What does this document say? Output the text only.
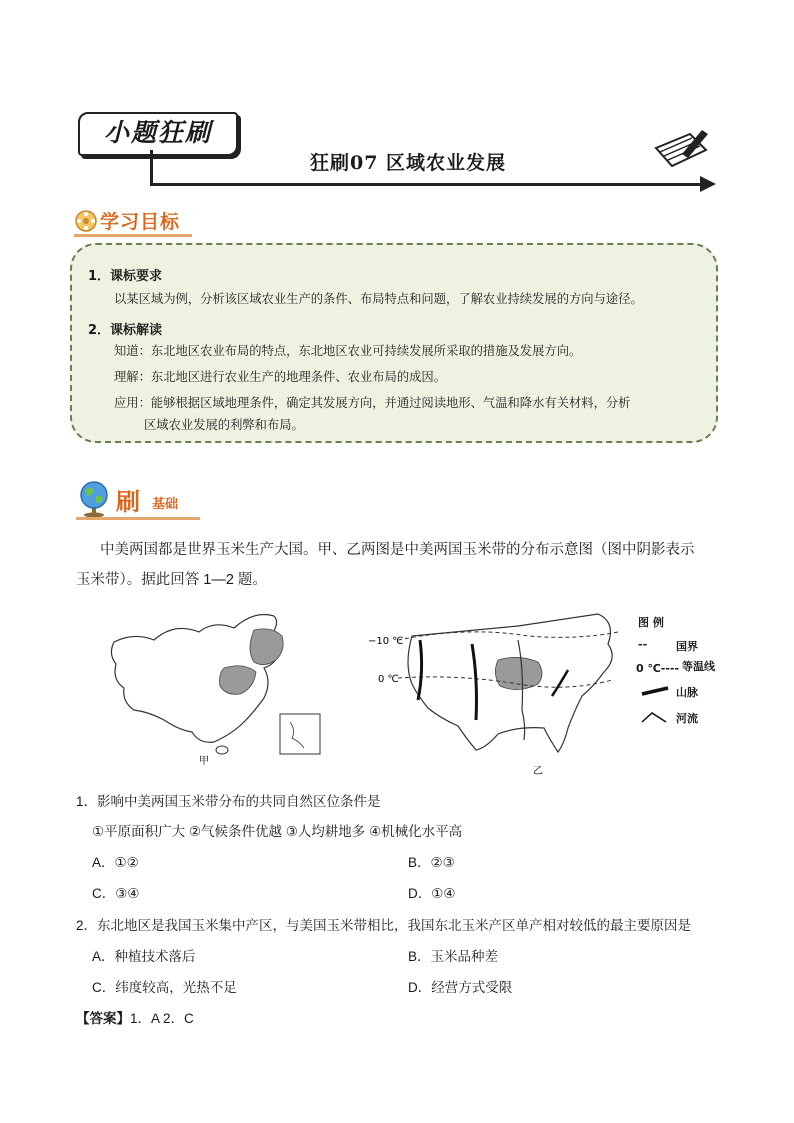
小题狂刷
狂刷07 区域农业发展
学习目标
1．课标要求
以某区域为例，分析该区域农业生产的条件、布局特点和问题，了解农业持续发展的方向与途径。
2．课标解读
知道：东北地区农业布局的特点，东北地区农业可持续发展所采取的措施及发展方向。
理解：东北地区进行农业生产的地理条件、农业布局的成因。
应用：能够根据区域地理条件，确定其发展方向，并通过阅读地形、气温和降水有关材料，分析
区域农业发展的利弊和布局。
刷 基础
中美两国都是世界玉米生产大国。甲、乙两图是中美两国玉米带的分布示意图（图中阴影表示
玉米带）。据此回答 1—2 题。
甲
−10 ℃
0 ℃
乙
图 例
--	国界
0 ℃---- 等温线
山脉
河流
1．影响中美两国玉米带分布的共同自然区位条件是
①平原面积广大 ②气候条件优越 ③人均耕地多 ④机械化水平高
A．①②	B．②③
C．③④	D．①④
2．东北地区是我国玉米集中产区，与美国玉米带相比，我国东北玉米产区单产相对较低的最主要原因是
A．种植技术落后	B．玉米品种差
C．纬度较高，光热不足	D．经营方式受限
【答案】1．A 2．C
